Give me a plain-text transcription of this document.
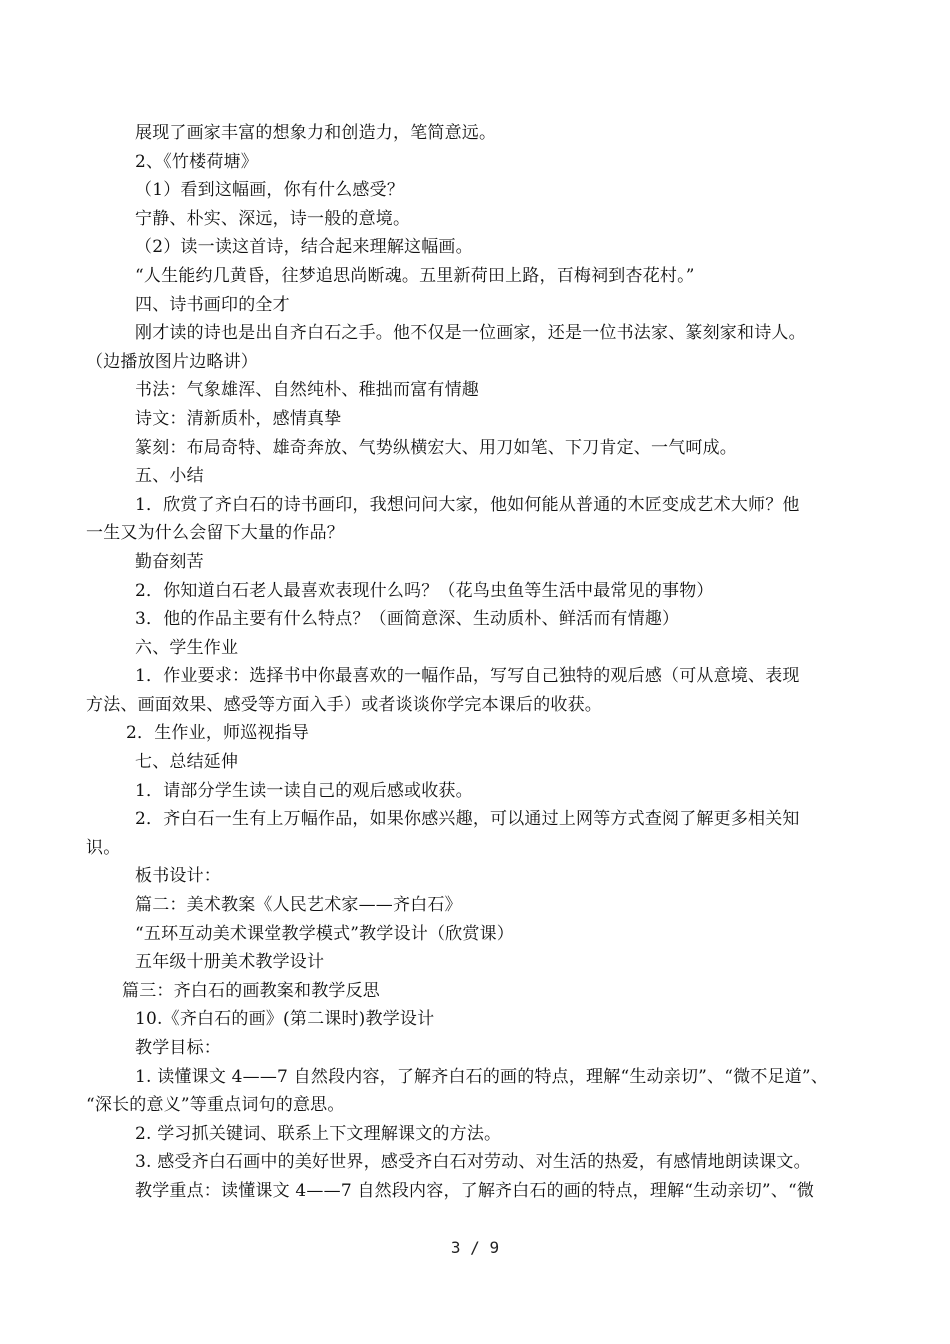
展现了画家丰富的想象力和创造力，笔简意远。
2、《竹楼荷塘》
（1）看到这幅画，你有什么感受？
宁静、朴实、深远，诗一般的意境。
（2）读一读这首诗，结合起来理解这幅画。
“人生能约几黄昏，往梦追思尚断魂。五里新荷田上路，百梅祠到杏花村。”
四、诗书画印的全才
刚才读的诗也是出自齐白石之手。他不仅是一位画家，还是一位书法家、篆刻家和诗人。
（边播放图片边略讲）
书法：气象雄浑、自然纯朴、稚拙而富有情趣
诗文：清新质朴，感情真挚
篆刻：布局奇特、雄奇奔放、气势纵横宏大、用刀如笔、下刀肯定、一气呵成。
五、小结
1．欣赏了齐白石的诗书画印，我想问问大家，他如何能从普通的木匠变成艺术大师？他
一生又为什么会留下大量的作品？
勤奋刻苦
2．你知道白石老人最喜欢表现什么吗？（花鸟虫鱼等生活中最常见的事物）
3．他的作品主要有什么特点？（画简意深、生动质朴、鲜活而有情趣）
六、学生作业
1．作业要求：选择书中你最喜欢的一幅作品，写写自己独特的观后感（可从意境、表现
方法、画面效果、感受等方面入手）或者谈谈你学完本课后的收获。
2．生作业，师巡视指导
七、总结延伸
1．请部分学生读一读自己的观后感或收获。
2．齐白石一生有上万幅作品，如果你感兴趣，可以通过上网等方式查阅了解更多相关知
识。
板书设计：
篇二：美术教案《人民艺术家——齐白石》
“五环互动美术课堂教学模式”教学设计（欣赏课）
五年级十册美术教学设计
篇三：齐白石的画教案和教学反思
10.《齐白石的画》(第二课时)教学设计
教学目标：
1. 读懂课文 4——7 自然段内容，了解齐白石的画的特点，理解“生动亲切”、“微不足道”、
“深长的意义”等重点词句的意思。
2. 学习抓关键词、联系上下文理解课文的方法。
3. 感受齐白石画中的美好世界，感受齐白石对劳动、对生活的热爱，有感情地朗读课文。
教学重点：读懂课文 4——7 自然段内容，了解齐白石的画的特点，理解“生动亲切”、“微
3 / 9
